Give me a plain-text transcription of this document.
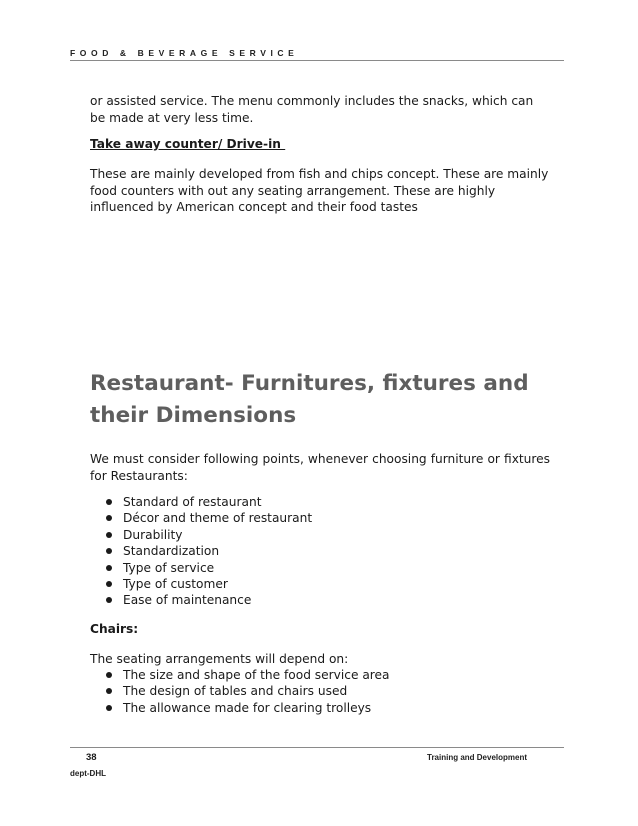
FOOD & BEVERAGE SERVICE

or assisted service. The menu commonly includes the snacks, which can be made at very less time.

Take away counter/ Drive-in

These are mainly developed from fish and chips concept. These are mainly food counters with out any seating arrangement. These are highly influenced by American concept and their food tastes

Restaurant- Furnitures, fixtures and their Dimensions

We must consider following points, whenever choosing furniture or fixtures for Restaurants:

Standard of restaurant
Décor and theme of restaurant
Durability
Standardization
Type of service
Type of customer
Ease of maintenance
Chairs:

The seating arrangements will depend on:

The size and shape of the food service area
The design of tables and chairs used
The allowance made for clearing trolleys
38	Training and Development
dept-DHL
